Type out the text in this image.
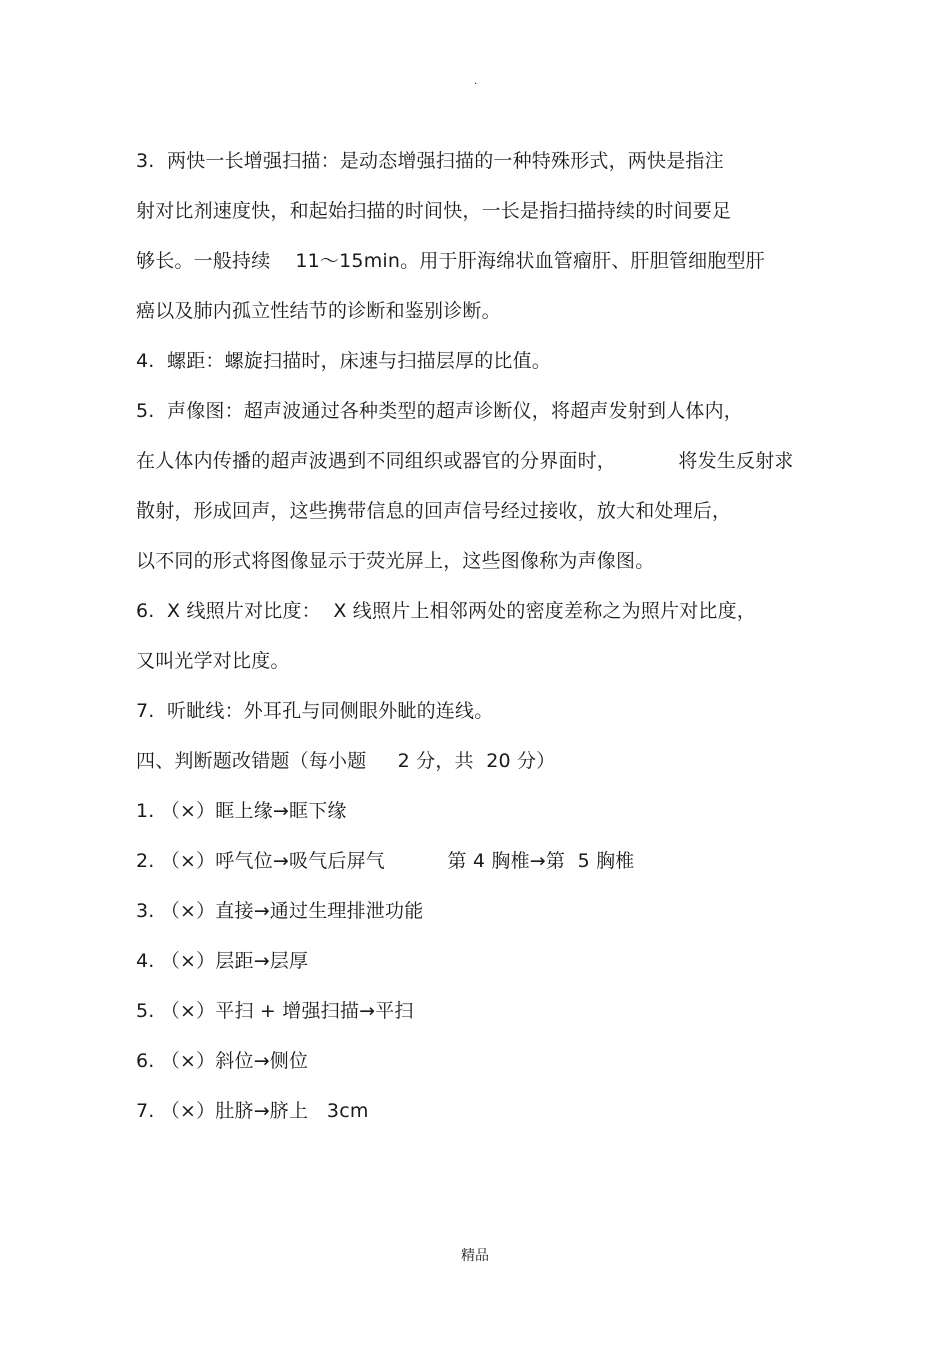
.
3.  两快一长增强扫描：是动态增强扫描的一种特殊形式，两快是指注
射对比剂速度快，和起始扫描的时间快，一长是指扫描持续的时间要足
够长。一般持续    11～15min。用于肝海绵状血管瘤肝、肝胆管细胞型肝
癌以及肺内孤立性结节的诊断和鉴别诊断。
4.  螺距：螺旋扫描时，床速与扫描层厚的比值。
5.  声像图：超声波通过各种类型的超声诊断仪，将超声发射到人体内，
在人体内传播的超声波遇到不同组织或器官的分界面时，          将发生反射求
散射，形成回声，这些携带信息的回声信号经过接收，放大和处理后，
以不同的形式将图像显示于荧光屏上，这些图像称为声像图。
6.  X 线照片对比度：  X 线照片上相邻两处的密度差称之为照片对比度，
又叫光学对比度。
7.  听眦线：外耳孔与同侧眼外眦的连线。
四、判断题改错题（每小题     2 分，共  20 分）
1. （×）眶上缘→眶下缘
2. （×）呼气位→吸气后屏气          第 4 胸椎→第  5 胸椎
3. （×）直接→通过生理排泄功能
4. （×）层距→层厚
5. （×）平扫 + 增强扫描→平扫
6. （×）斜位→侧位
7. （×）肚脐→脐上   3cm
精品
